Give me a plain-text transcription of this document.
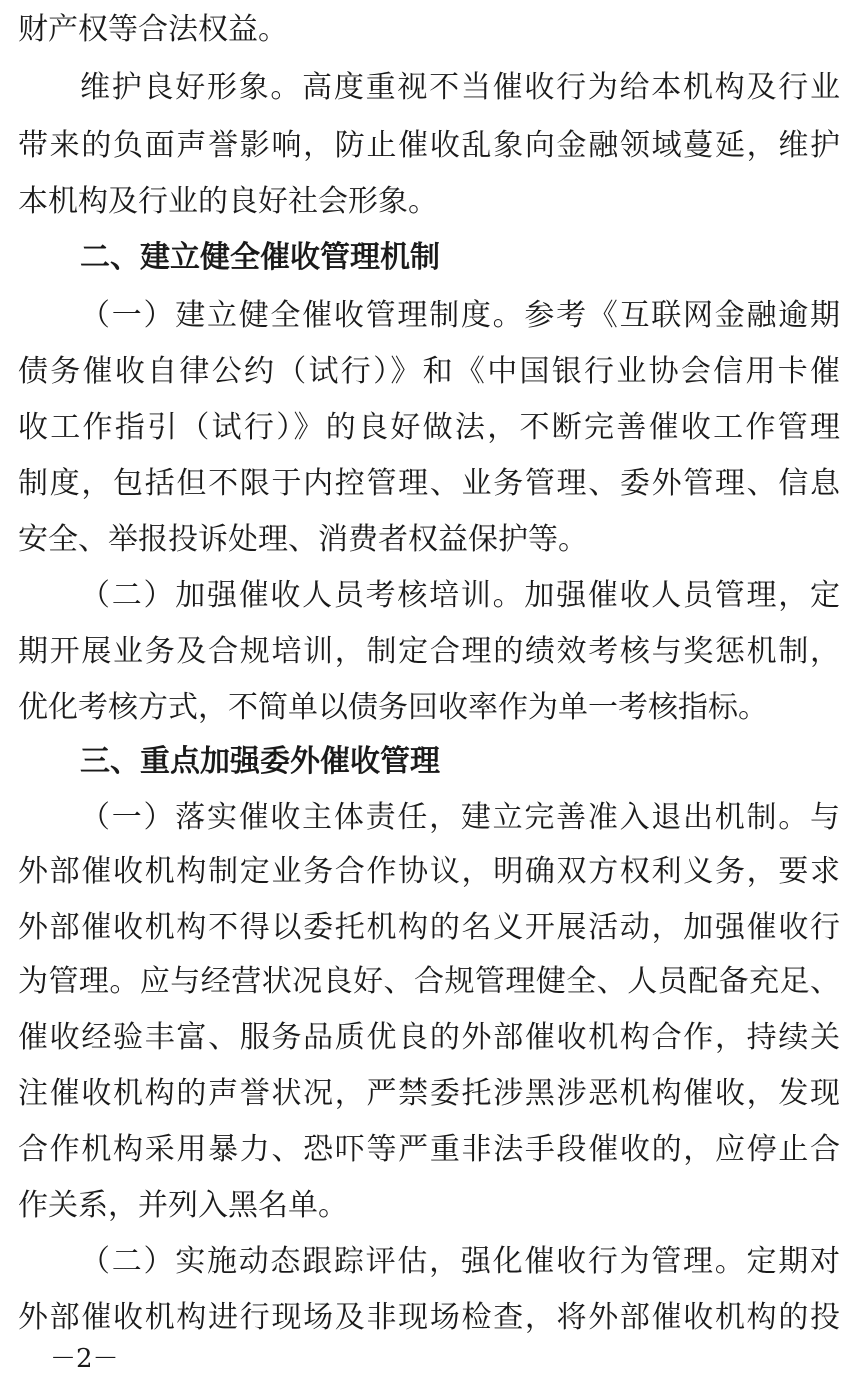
财产权等合法权益。
维护良好形象。高度重视不当催收行为给本机构及行业
带来的负面声誉影响，防止催收乱象向金融领域蔓延，维护
本机构及行业的良好社会形象。
二、建立健全催收管理机制
（一）建立健全催收管理制度。参考《互联网金融逾期
债务催收自律公约（试行）》和《中国银行业协会信用卡催
收工作指引（试行）》的良好做法，不断完善催收工作管理
制度，包括但不限于内控管理、业务管理、委外管理、信息
安全、举报投诉处理、消费者权益保护等。
（二）加强催收人员考核培训。加强催收人员管理，定
期开展业务及合规培训，制定合理的绩效考核与奖惩机制，
优化考核方式，不简单以债务回收率作为单一考核指标。
三、重点加强委外催收管理
（一）落实催收主体责任，建立完善准入退出机制。与
外部催收机构制定业务合作协议，明确双方权利义务，要求
外部催收机构不得以委托机构的名义开展活动，加强催收行
为管理。应与经营状况良好、合规管理健全、人员配备充足、
催收经验丰富、服务品质优良的外部催收机构合作，持续关
注催收机构的声誉状况，严禁委托涉黑涉恶机构催收，发现
合作机构采用暴力、恐吓等严重非法手段催收的，应停止合
作关系，并列入黑名单。
（二）实施动态跟踪评估，强化催收行为管理。定期对
外部催收机构进行现场及非现场检查，将外部催收机构的投
－2－
